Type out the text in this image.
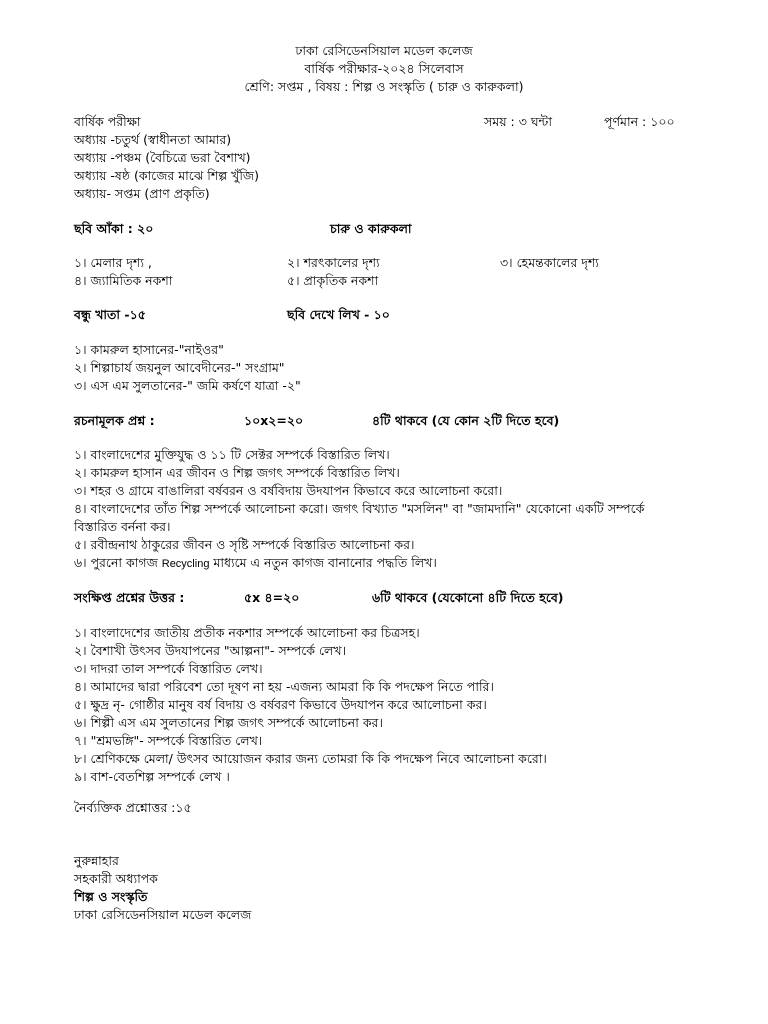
ঢাকা রেসিডেনসিয়াল মডেল কলেজ
বার্ষিক পরীক্ষার-২০২৪ সিলেবাস
শ্রেণি: সপ্তম , বিষয় : শিল্প ও সংস্কৃতি ( চারু ও কারুকলা)
বার্ষিক পরীক্ষা	সময় : ৩ ঘন্টা	পূর্ণমান : ১০০
অধ্যায় -চতুর্থ (স্বাধীনতা আমার)
অধ্যায় -পঞ্চম (বৈচিত্রে ভরা বৈশাখ)
অধ্যায় -ষষ্ঠ (কাজের মাঝে শিল্প খুঁজি)
অধ্যায়- সপ্তম (প্রাণ প্রকৃতি)
ছবি আঁকা : ২০	চারু ও কারুকলা
১। মেলার দৃশ্য ,	২। শরৎকালের দৃশ্য	৩। হেমন্তকালের দৃশ্য
৪। জ্যামিতিক নকশা	৫। প্রাকৃতিক নকশা
বন্ধু খাতা -১৫	ছবি দেখে লিখ - ১০
১। কামরুল হাসানের-"নাইওর"
২। শিল্পাচার্য জয়নুল আবেদীনের-" সংগ্রাম"
৩। এস এম সুলতানের-" জমি কর্ষণে যাত্রা -২"
রচনামূলক প্রশ্ন :	১০x২=২০	৪টি থাকবে (যে কোন ২টি দিতে হবে)
১। বাংলাদেশের মুক্তিযুদ্ধ ও ১১ টি সেক্টর সম্পর্কে বিস্তারিত লিখ।
২। কামরুল হাসান এর জীবন ও শিল্প জগৎ সম্পর্কে বিস্তারিত লিখ।
৩। শহর ও গ্রামে বাঙালিরা বর্ষবরন ও বর্ষবিদায় উদযাপন কিভাবে করে আলোচনা করো।
৪। বাংলাদেশের তাঁত শিল্প সম্পর্কে আলোচনা করো। জগৎ বিখ্যাত "মসলিন" বা "জামদানি" যেকোনো একটি সম্পর্কে
বিস্তারিত বর্ননা কর।
৫। রবীন্দ্রনাথ ঠাকুরের জীবন ও সৃষ্টি সম্পর্কে বিস্তারিত আলোচনা কর।
৬। পুরনো কাগজ Recycling মাধ্যমে এ নতুন কাগজ বানানোর পদ্ধতি লিখ।
সংক্ষিপ্ত প্রশ্নের উত্তর :	৫x ৪=২০	৬টি থাকবে (যেকোনো ৪টি দিতে হবে)
১। বাংলাদেশের জাতীয় প্রতীক নকশার সম্পর্কে আলোচনা কর চিত্রসহ।
২। বৈশাখী উৎসব উদযাপনের "আল্পনা"- সম্পর্কে লেখ।
৩। দাদরা তাল সম্পর্কে বিস্তারিত লেখ।
৪। আমাদের দ্বারা পরিবেশ তো দূষণ না হয় -এজন্য আমরা কি কি পদক্ষেপ নিতে পারি।
৫। ক্ষুদ্র নৃ- গোষ্ঠীর মানুষ বর্ষ বিদায় ও বর্ষবরণ কিভাবে উদযাপন করে আলোচনা কর।
৬। শিল্পী এস এম সুলতানের শিল্প জগৎ সম্পর্কে আলোচনা কর।
৭। "শ্রমভঙ্গি"- সম্পর্কে বিস্তারিত লেখ।
৮। শ্রেণিকক্ষে মেলা/ উৎসব আয়োজন করার জন্য তোমরা কি কি পদক্ষেপ নিবে আলোচনা করো।
৯। বাশ-বেতশিল্প সম্পর্কে লেখ ।
নৈর্ব্যক্তিক প্রশ্নোত্তর :১৫
নুরুন্নাহার
সহকারী অধ্যাপক
শিল্প ও সংস্কৃতি
ঢাকা রেসিডেনসিয়াল মডেল কলেজ
